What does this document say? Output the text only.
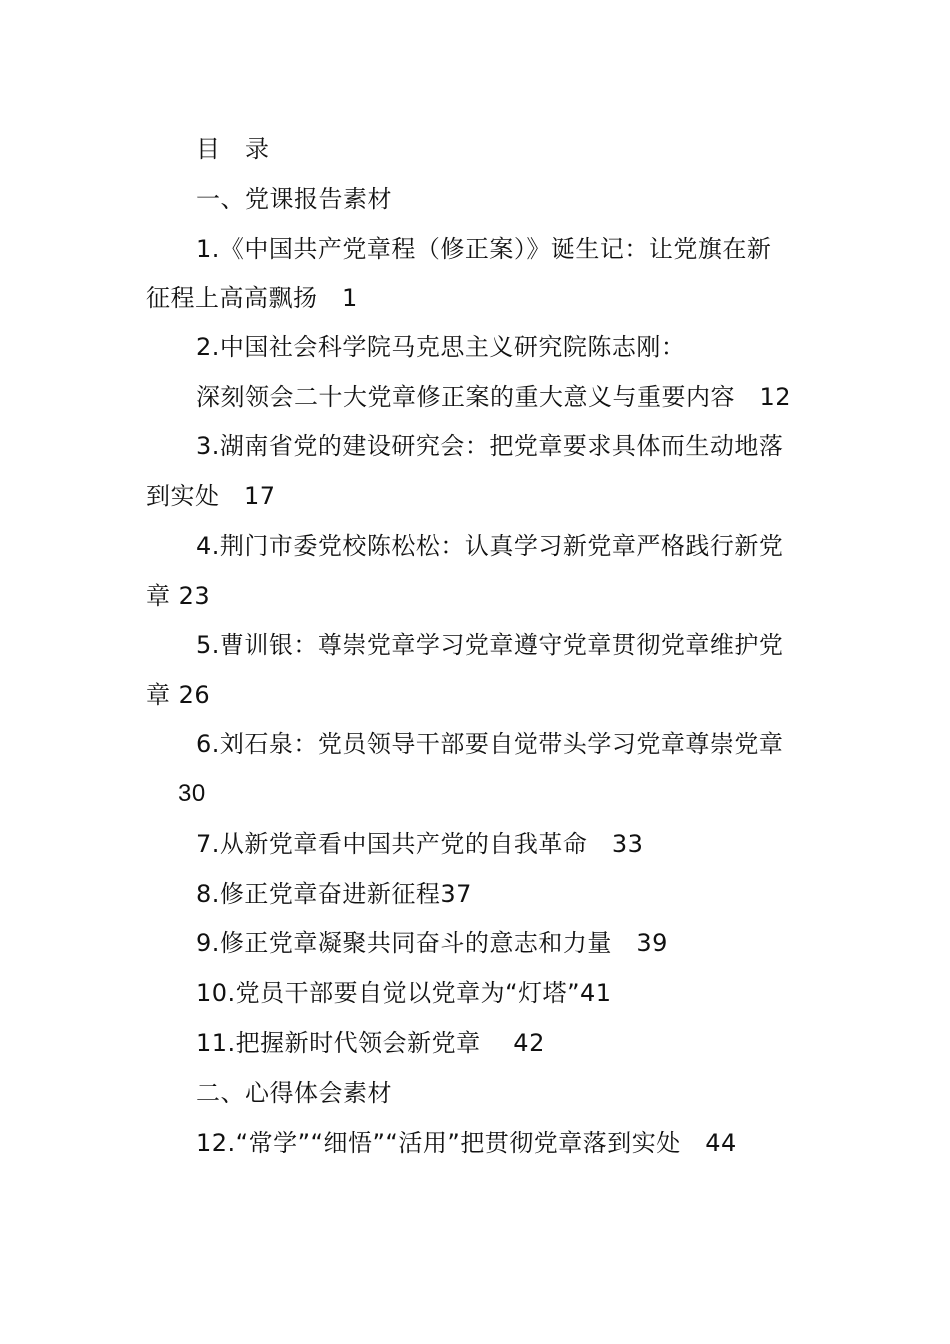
目　录
一、党课报告素材
1.《中国共产党章程（修正案）》诞生记：让党旗在新
征程上高高飘扬　1
2.中国社会科学院马克思主义研究院陈志刚：
深刻领会二十大党章修正案的重大意义与重要内容　12
3.湖南省党的建设研究会：把党章要求具体而生动地落
到实处　17
4.荆门市委党校陈松松：认真学习新党章严格践行新党
章 23
5.曹训银：尊崇党章学习党章遵守党章贯彻党章维护党
章 26
6.刘石泉：党员领导干部要自觉带头学习党章尊崇党章
30
7.从新党章看中国共产党的自我革命　33
8.修正党章奋进新征程37
9.修正党章凝聚共同奋斗的意志和力量　39
10.党员干部要自觉以党章为“灯塔”41
11.把握新时代领会新党章　 42
二、心得体会素材
12.“常学”“细悟”“活用”把贯彻党章落到实处　44
